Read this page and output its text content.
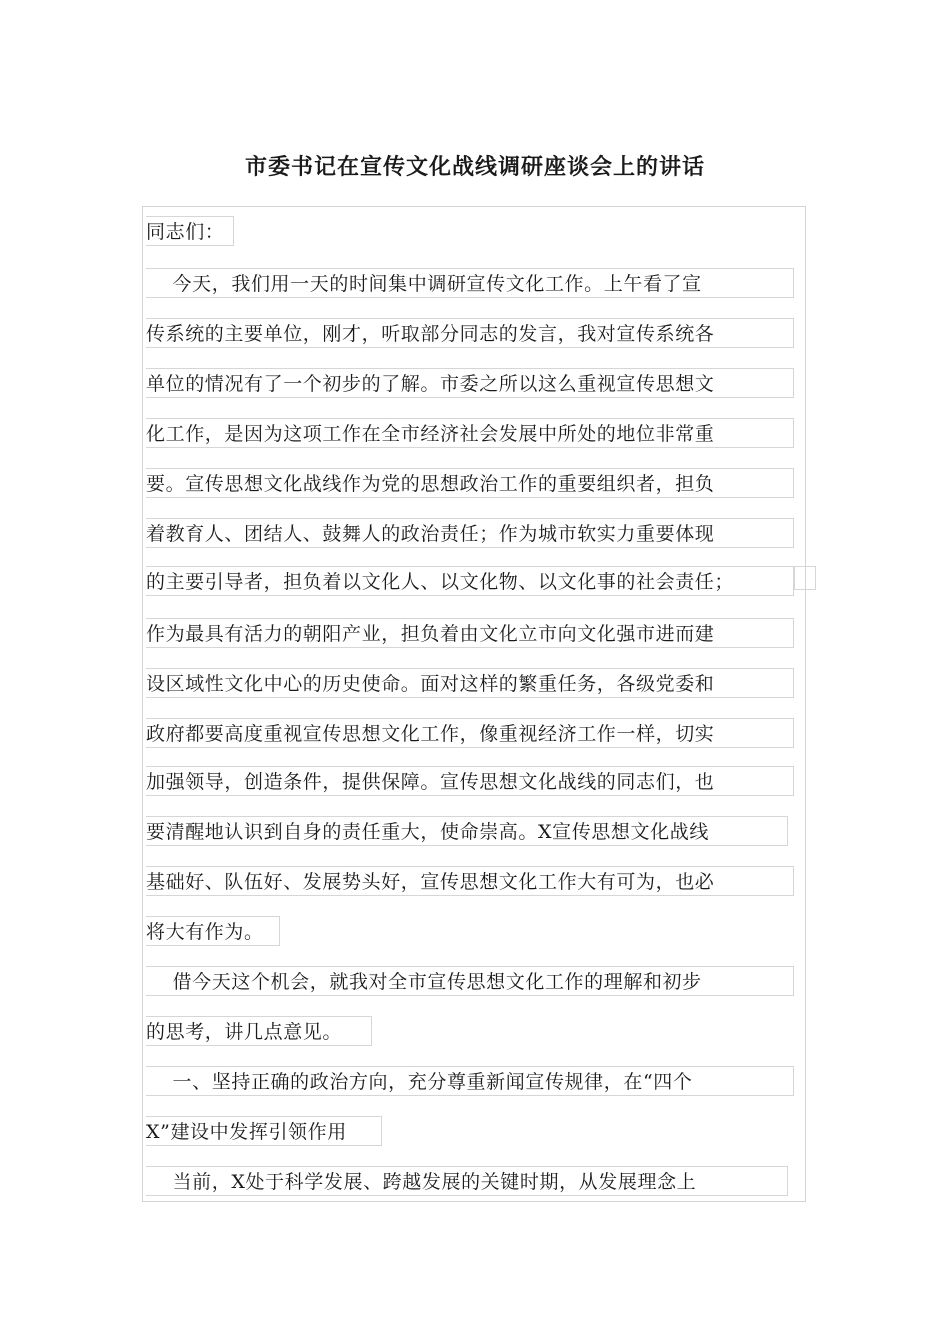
市委书记在宣传文化战线调研座谈会上的讲话
同志们：
今天，我们用一天的时间集中调研宣传文化工作。上午看了宣
传系统的主要单位，刚才，听取部分同志的发言，我对宣传系统各
单位的情况有了一个初步的了解。市委之所以这么重视宣传思想文
化工作，是因为这项工作在全市经济社会发展中所处的地位非常重
要。宣传思想文化战线作为党的思想政治工作的重要组织者，担负
着教育人、团结人、鼓舞人的政治责任；作为城市软实力重要体现
的主要引导者，担负着以文化人、以文化物、以文化事的社会责任；
作为最具有活力的朝阳产业，担负着由文化立市向文化强市进而建
设区域性文化中心的历史使命。面对这样的繁重任务，各级党委和
政府都要高度重视宣传思想文化工作，像重视经济工作一样，切实
加强领导，创造条件，提供保障。宣传思想文化战线的同志们，也
要清醒地认识到自身的责任重大，使命崇高。X宣传思想文化战线
基础好、队伍好、发展势头好，宣传思想文化工作大有可为，也必
将大有作为。
借今天这个机会，就我对全市宣传思想文化工作的理解和初步
的思考，讲几点意见。
一、坚持正确的政治方向，充分尊重新闻宣传规律，在“四个
X”建设中发挥引领作用
当前，X处于科学发展、跨越发展的关键时期，从发展理念上
